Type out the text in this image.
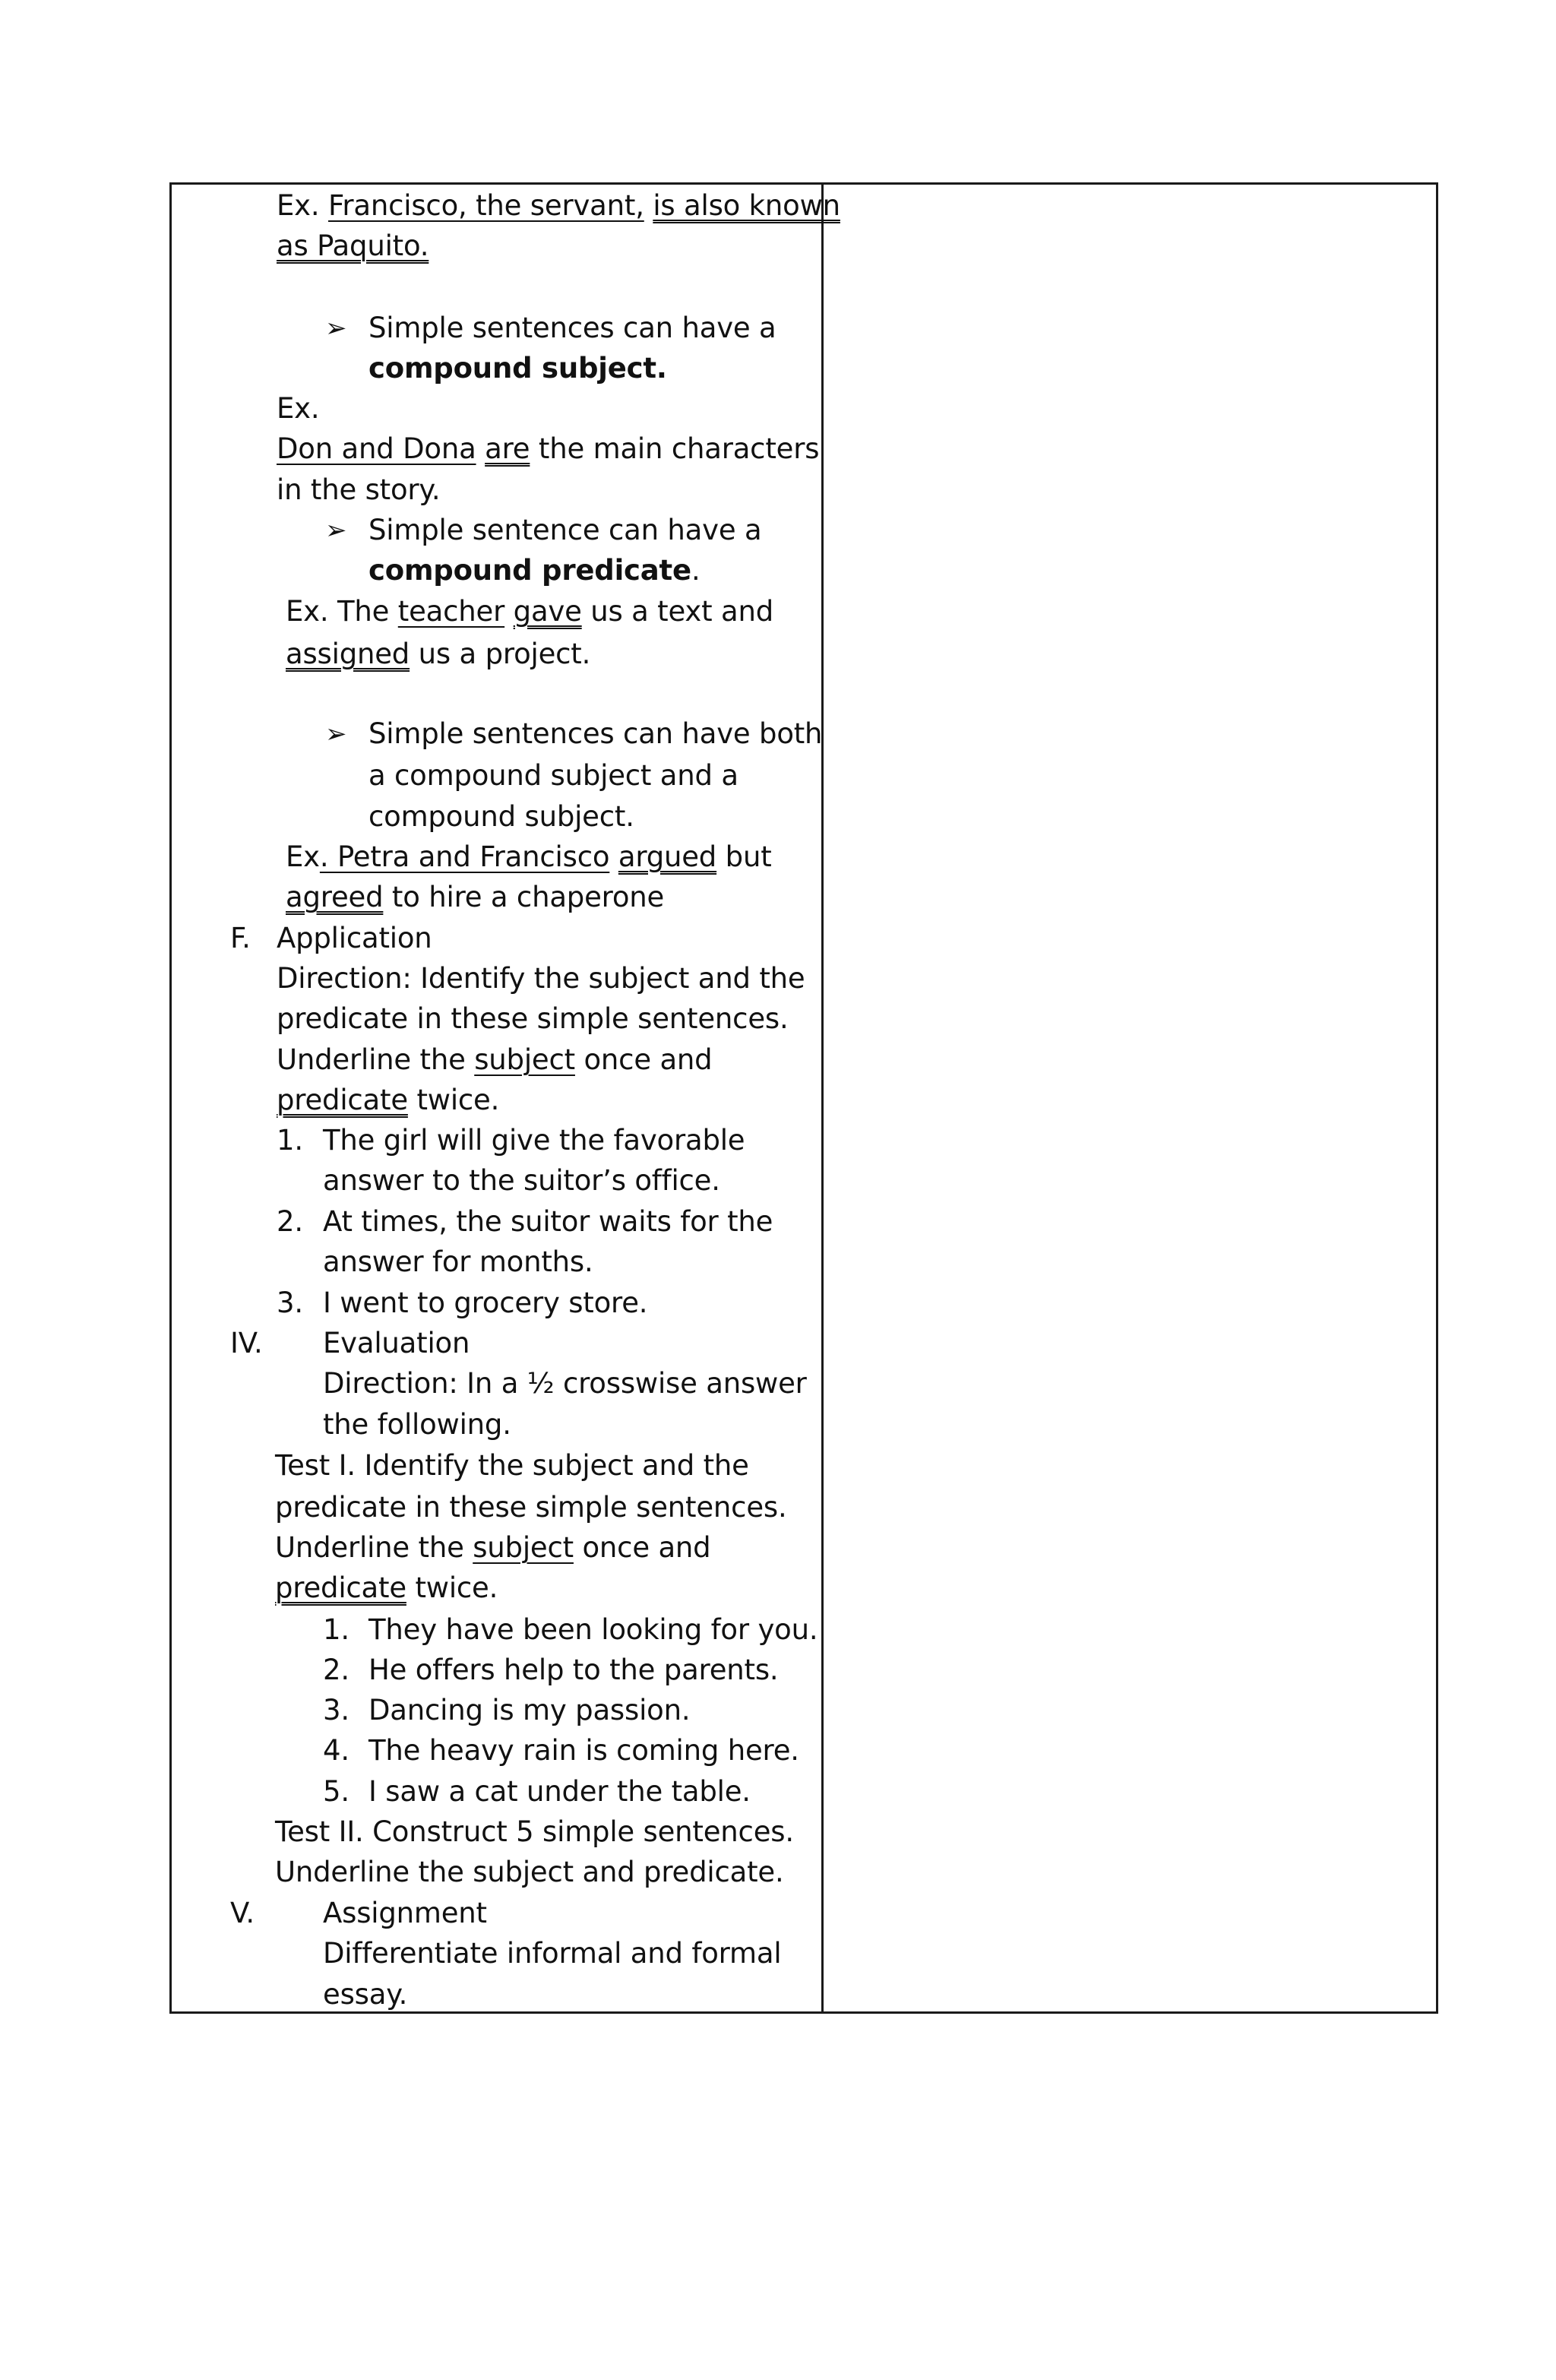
Ex. Francisco, the servant, is also known
as Paquito.
➢ Simple sentences can have a
compound subject.
Ex.
Don and Dona are the main characters
in the story.
➢ Simple sentence can have a
compound predicate.
Ex. The teacher gave us a text and
assigned us a project.
➢ Simple sentences can have both
a compound subject and a
compound subject.
Ex. Petra and Francisco argued but
agreed to hire a chaperone
F. Application
Direction: Identify the subject and the
predicate in these simple sentences.
Underline the subject once and
predicate twice.
1. The girl will give the favorable
answer to the suitor’s office.
2. At times, the suitor waits for the
answer for months.
3. I went to grocery store.
IV. Evaluation
Direction: In a ½ crosswise answer
the following.
Test I. Identify the subject and the
predicate in these simple sentences.
Underline the subject once and
predicate twice.
1. They have been looking for you.
2. He offers help to the parents.
3. Dancing is my passion.
4. The heavy rain is coming here.
5. I saw a cat under the table.
Test II. Construct 5 simple sentences.
Underline the subject and predicate.
V. Assignment
Differentiate informal and formal
essay.
